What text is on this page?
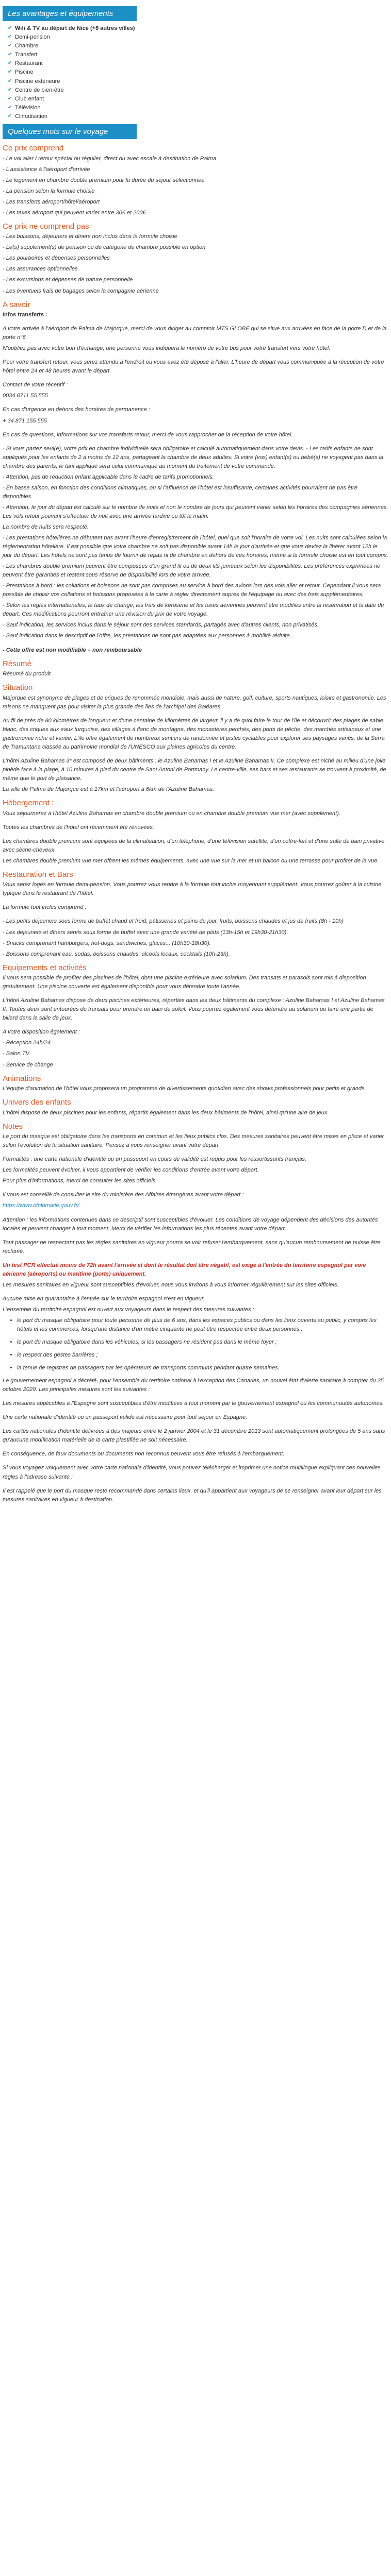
Les avantages et équipements
✔ Wifi & TV au départ de Nice (+8 autres villes)
✔ Demi-pension
✔ Chambre
✔ Transfert
✔ Restaurant
✔ Piscine
✔ Piscine extérieure
✔ Centre de bien-être
✔ Club enfant
✔ Télévision
✔ Climatisation
Quelques mots sur le voyage
Ce prix comprend

- Le vol aller / retour spécial ou régulier, direct ou avec escale à destination de Palma

- L'assistance à l'aéroport d'arrivée

- Le logement en chambre double premium pour la durée du séjour sélectionnée

- La pension selon la formule choisie

- Les transferts aéroport/hôtel/aéroport

- Les taxes aéroport qui peuvent varier entre 30€ et 200€

Ce prix ne comprend pas

- Les boissons, déjeuners et diners non inclus dans la formule choisie

- Le(s) supplément(s) de pension ou de catégorie de chambre possible en option

- Les pourboires et dépenses personnelles

- Les assurances optionnelles

- Les excursions et dépenses de nature personnelle

- Les éventuels frais de bagages selon la compagnie aérienne

A savoir

Infos transferts :

A votre arrivée à l'aéroport de Palma de Majorque, merci de vous diriger au comptoir MTS GLOBE qui se situe aux arrivées en face de la porte D et de la porte n°6

N'oubliez pas avec votre bon d'échange, une personne vous indiquera le numéro de votre bus pour votre transfert vers votre hôtel.

Pour votre transfert retour, vous serez attendu à l'endroit où vous avez été déposé à l'aller. L'heure de départ vous communiquée à la réception de votre hôtel entre 24 et 48 heures avant le départ.

Contact de votre réceptif :

0034 8711 55 555

En cas d'urgence en dehors des horaires de permanence :

+ 34 871 155 555

En cas de questions, informations sur vos transferts retour, merci de vous rapprocher de la réception de votre hôtel.

- Si vous partez seul(e), votre prix en chambre individuelle sera obligatoire et calculé automatiquement dans votre devis. - Les tarifs enfants ne sont appliqués pour les enfants de 2 à moins de 12 ans, partageant la chambre de deux adultes. Si votre (vos) enfant(s) ou bébé(s) ne voyagent pas dans la chambre des parents, le tarif appliqué sera celui communiqué au moment du traitement de votre commande.

- Attention, pas de réduction enfant applicable dans le cadre de tarifs promotionnels.

- En basse saison, en fonction des conditions climatiques, ou si l'affluence de l'hôtel est insuffisante, certaines activités pourraient ne pas être disponibles.

- Attention, le jour du départ est calculé sur le nombre de nuits et non le nombre de jours qui peuvent varier selon les horaires des compagnies aériennes. Les vols retour pouvant s'effectuer de nuit avec une arrivée tardive ou tôt le matin.

La nombre de nuits sera respecté.

- Les prestations hôtelières ne débutent pas avant l'heure d'enregistrement de l'hôtel, quel que soit l'horaire de votre vol. Les nuits sont calculées selon la réglementation hôtelière. Il est possible que votre chambre ne soit pas disponible avant 14h le jour d'arrivée et que vous deviez la libérer avant 12h le jour du départ. Les hôtels ne sont pas tenus de fournir de repas ni de chambre en dehors de ces horaires, même si la formule choisie est en tout compris.

- Les chambres double premium peuvent être composées d'un grand lit ou de deux lits jumeaux selon les disponibilités. Les préférences exprimées ne peuvent être garanties et restent sous réserve de disponibilité lors de votre arrivée.

- Prestations à bord : les collations et boissons ne sont pas comprises au service à bord des avions lors des vols aller et retour. Cependant il vous sera possible de choisir vos collations et boissons proposées à la carte à régler directement auprès de l'équipage ou avec des frais supplémentaires.

- Selon les règles internationales, le taux de change, les frais de kérosène et les taxes aériennes peuvent être modifiés entre la réservation et la date du départ. Ces modifications pourront entraîner une révision du prix de votre voyage.

- Sauf indication, les services inclus dans le séjour sont des services standards, partagés avec d'autres clients, non privatisés.

- Sauf indication dans le descriptif de l'offre, les prestations ne sont pas adaptées aux personnes à mobilité réduite.

- Cette offre est non modifiable – non remboursable

Résumé

Résumé du produit

Situation

Majorque est synonyme de plages et de criques de renommée mondiale, mais aussi de nature, golf, culture, sports nautiques, loisirs et gastronomie. Les raisons ne manquent pas pour visiter la plus grande des îles de l'archipel des Baléares.

Au fil de près de 80 kilomètres de longueur et d'une centaine de kilomètres de largeur, il y a de quoi faire le tour de l'île et découvrir des plages de sable blanc, des criques aux eaux turquoise, des villages à flanc de montagne, des monastères perchés, des ports de pêche, des marchés artisanaux et une gastronomie riche et variée. L'île offre également de nombreux sentiers de randonnée et pistes cyclables pour explorer ses paysages variés, de la Serra de Tramuntana classée au patrimoine mondial de l'UNESCO aux plaines agricoles du centre.

L'hôtel Azuline Bahamas 3* est composé de deux bâtiments : le Azuline Bahamas I et le Azuline Bahamas II. Ce complexe est niché au milieu d'une jolie pinède face à la plage, à 10 minutes à pied du centre de Sant Antoni de Portmany. Le centre-ville, ses bars et ses restaurants se trouvent à proximité, de même que le port de plaisance.

La ville de Palma de Majorque est à 17km et l'aéroport à 6km de l'Azuline Bahamas.

Hébergement :

Vous séjournerez à l'hôtel Azuline Bahamas en chambre double premium ou en chambre double premium vue mer (avec supplément).

Toutes les chambres de l'hôtel ont récemment été rénovées.

Les chambres double premium sont équipées de la climatisation, d'un téléphone, d'une télévision satellite, d'un coffre-fort et d'une salle de bain privative avec sèche-cheveux.

Les chambres double premium vue mer offrent les mêmes équipements, avec une vue sur la mer et un balcon ou une terrasse pour profiter de la vue.

Restauration et Bars

Vous serez logés en formule demi-pension. Vous pourrez vous rendre à la formule tout inclus moyennant supplément. Vous pourrez goûter à la cuisine typique dans le restaurant de l'hôtel.

La formule tout inclus comprend :

- Les petits déjeuners sous forme de buffet chaud et froid, pâtisseries et pains du jour, fruits, boissons chaudes et jus de fruits (8h - 10h)

- Les déjeuners et dîners servis sous forme de buffet avec une grande variété de plats (13h-15h et 19h30-21h30).

- Snacks comprenant hamburgers, hot-dogs, sandwiches, glaces... (10h30-18h30).

- Boissons comprenant eau, sodas, boissons chaudes, alcools locaux, cocktails (10h-23h).

Equipements et activités

Il vous sera possible de profiter des piscines de l'hôtel, dont une piscine extérieure avec solarium. Des transats et parasols sont mis à disposition gratuitement. Une piscine couverte est également disponible pour vous détendre toute l'année.

L'hôtel Azuline Bahamas dispose de deux piscines extérieures, réparties dans les deux bâtiments du complexe : Azuline Bahamas I et Azuline Bahamas II. Toutes deux sont entourées de transats pour prendre un bain de soleil. Vous pourrez également vous détendre au solarium ou faire une partie de billard dans la salle de jeux.

A votre disposition également :

- Réception 24h/24

- Salon TV

- Service de change

Animations

L'équipe d'animation de l'hôtel vous proposera un programme de divertissements quotidien avec des shows professionnels pour petits et grands.

Univers des enfants

L'hôtel dispose de deux piscines pour les enfants, répartis également dans les deux bâtiments de l'hôtel, ainsi qu'une aire de jeux.

Notes

Le port du masque est obligatoire dans les transports en commun et les lieux publics clos. Des mesures sanitaires peuvent être mises en place et varier selon l'évolution de la situation sanitaire. Pensez à vous renseigner avant votre départ.

Formalités : une carte nationale d'identité ou un passeport en cours de validité est requis pour les ressortissants français.

Les formalités peuvent évoluer, il vous appartient de vérifier les conditions d'entrée avant votre départ.

Pour plus d'informations, merci de consulter les sites officiels.

Il vous est conseillé de consulter le site du ministère des Affaires étrangères avant votre départ :

https://www.diplomatie.gouv.fr/

Attention : les informations contenues dans ce descriptif sont susceptibles d'évoluer. Les conditions de voyage dépendent des décisions des autorités locales et peuvent changer à tout moment. Merci de vérifier les informations les plus récentes avant votre départ.

Tout passager ne respectant pas les règles sanitaires en vigueur pourra se voir refuser l'embarquement, sans qu'aucun remboursement ne puisse être réclamé.

Un test PCR effectué moins de 72h avant l'arrivée et dont le résultat doit être négatif, est exigé à l'entrée du territoire espagnol par voie aérienne (aéroports) ou maritime (ports) uniquement.

Les mesures sanitaires en vigueur sont susceptibles d'évoluer, nous vous invitons à vous informer régulièrement sur les sites officiels.

Aucune mise en quarantaine à l'entrée sur le territoire espagnol n'est en vigueur.

L'ensemble du territoire espagnol est ouvert aux voyageurs dans le respect des mesures suivantes :

• le port du masque obligatoire pour toute personne de plus de 6 ans, dans les espaces publics ou dans les lieux ouverts au public, y compris les hôtels et les commerces, lorsqu'une distance d'un mètre cinquante ne peut être respectée entre deux personnes ;
• le port du masque obligatoire dans les véhicules, si les passagers ne résident pas dans le même foyer ;
• le respect des gestes barrières ;
• la tenue de registres de passagers par les opérateurs de transports communs pendant quatre semaines.

Le gouvernement espagnol a décrété, pour l'ensemble du territoire national à l'exception des Canaries, un nouvel état d'alerte sanitaire à compter du 25 octobre 2020. Les principales mesures sont les suivantes :

Les mesures applicables à l'Espagne sont susceptibles d'être modifiées à tout moment par le gouvernement espagnol ou les communautés autonomes.

Une carte nationale d'identité ou un passeport valide est nécessaire pour tout séjour en Espagne.

Les cartes nationales d'identité délivrées à des majeurs entre le 2 janvier 2004 et le 31 décembre 2013 sont automatiquement prolongées de 5 ans sans qu'aucune modification matérielle de la carte plastifiée ne soit nécessaire.

En conséquence, de faux documents ou documents non reconnus peuvent vous être refusés à l'embarquement.

Si vous voyagez uniquement avec votre carte nationale d'identité, vous pouvez télécharger et imprimer une notice multilingue expliquant ces nouvelles règles à l'adresse suivante :

Il est rappelé que le port du masque reste recommandé dans certains lieux, et qu'il appartient aux voyageurs de se renseigner avant leur départ sur les mesures sanitaires en vigueur à destination.
